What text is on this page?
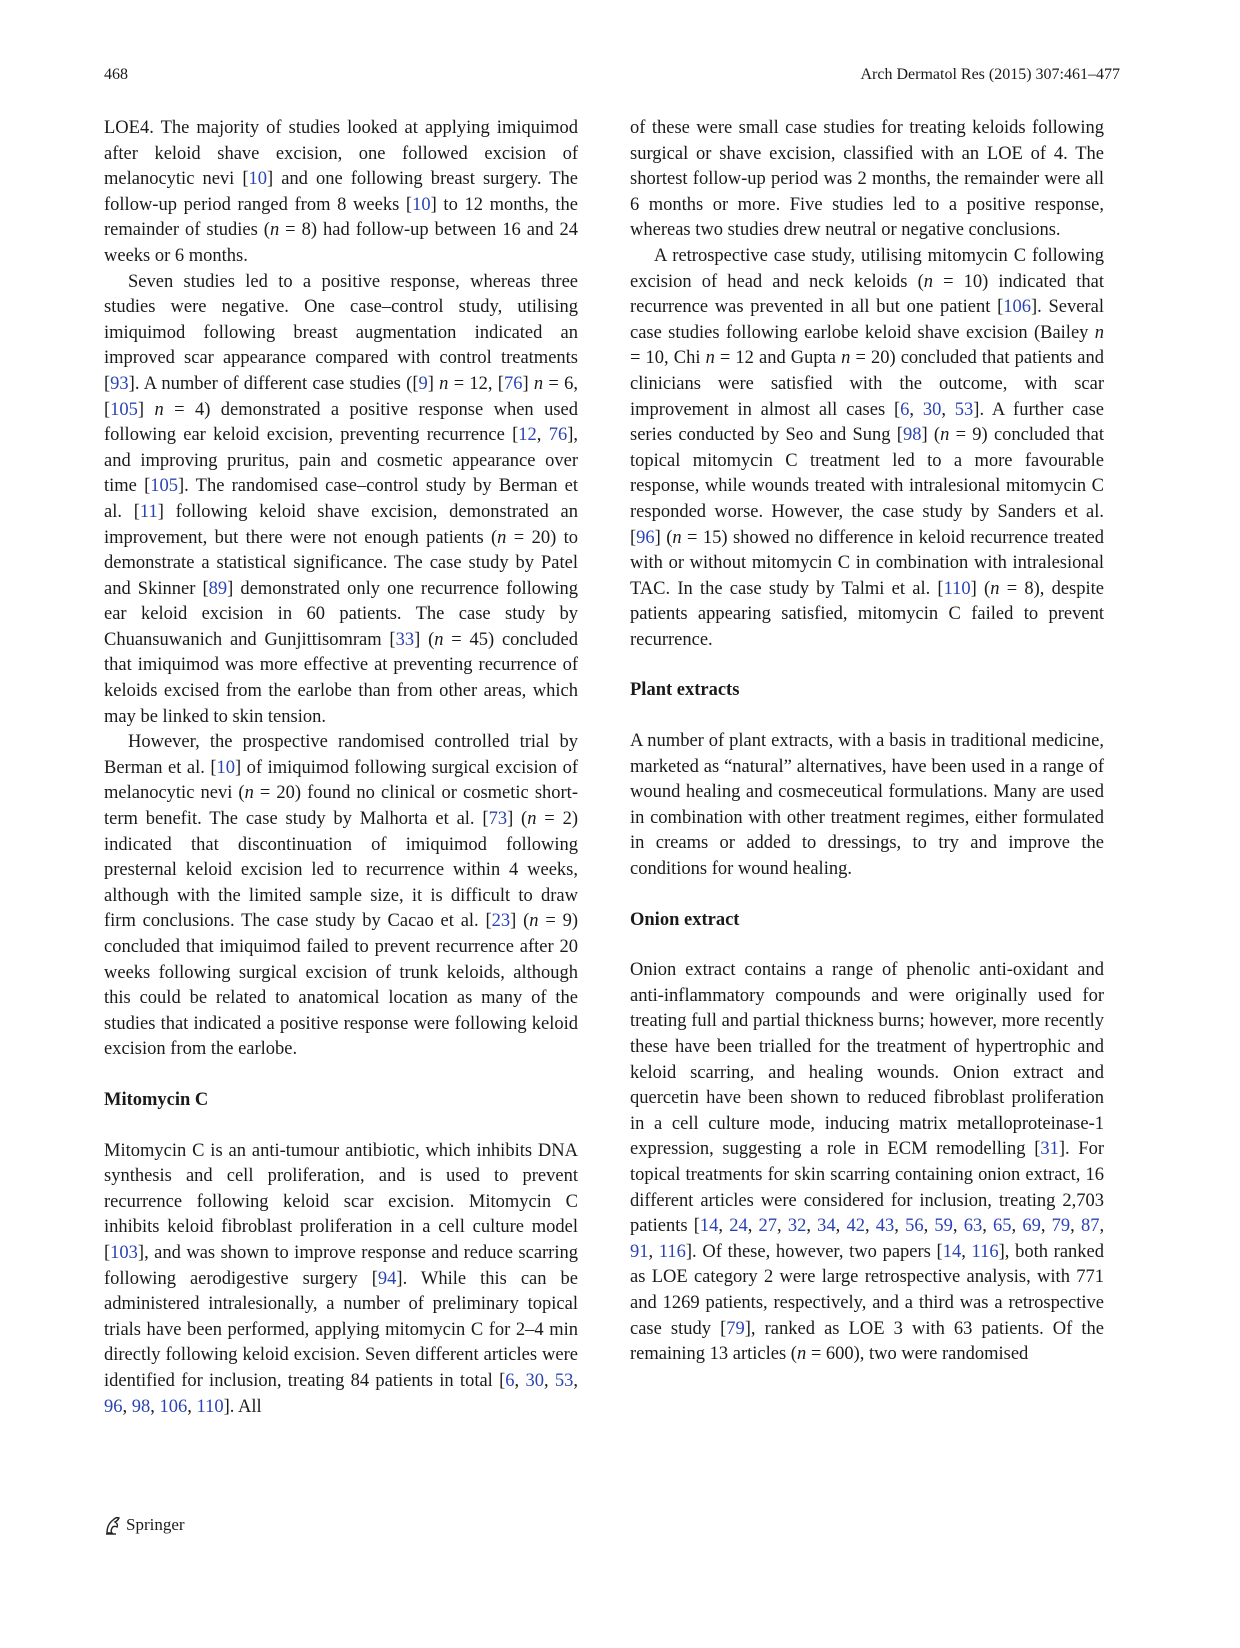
468	Arch Dermatol Res (2015) 307:461–477

LOE4. The majority of studies looked at applying imiquimod after keloid shave excision, one followed excision of melanocytic nevi [10] and one following breast surgery. The follow-up period ranged from 8 weeks [10] to 12 months, the remainder of studies (n = 8) had follow-up between 16 and 24 weeks or 6 months.

Seven studies led to a positive response, whereas three studies were negative. One case–control study, utilising imiquimod following breast augmentation indicated an improved scar appearance compared with control treatments [93]. A number of different case studies ([9] n = 12, [76] n = 6, [105] n = 4) demonstrated a positive response when used following ear keloid excision, preventing recurrence [12, 76], and improving pruritus, pain and cosmetic appearance over time [105]. The randomised case–control study by Berman et al. [11] following keloid shave excision, demonstrated an improvement, but there were not enough patients (n = 20) to demonstrate a statistical significance. The case study by Patel and Skinner [89] demonstrated only one recurrence following ear keloid excision in 60 patients. The case study by Chuansuwanich and Gunjittisomram [33] (n = 45) concluded that imiquimod was more effective at preventing recurrence of keloids excised from the earlobe than from other areas, which may be linked to skin tension.

However, the prospective randomised controlled trial by Berman et al. [10] of imiquimod following surgical excision of melanocytic nevi (n = 20) found no clinical or cosmetic short-term benefit. The case study by Malhorta et al. [73] (n = 2) indicated that discontinuation of imiquimod following presternal keloid excision led to recurrence within 4 weeks, although with the limited sample size, it is difficult to draw firm conclusions. The case study by Cacao et al. [23] (n = 9) concluded that imiquimod failed to prevent recurrence after 20 weeks following surgical excision of trunk keloids, although this could be related to anatomical location as many of the studies that indicated a positive response were following keloid excision from the earlobe.

Mitomycin C

Mitomycin C is an anti-tumour antibiotic, which inhibits DNA synthesis and cell proliferation, and is used to prevent recurrence following keloid scar excision. Mitomycin C inhibits keloid fibroblast proliferation in a cell culture model [103], and was shown to improve response and reduce scarring following aerodigestive surgery [94]. While this can be administered intralesionally, a number of preliminary topical trials have been performed, applying mitomycin C for 2–4 min directly following keloid excision. Seven different articles were identified for inclusion, treating 84 patients in total [6, 30, 53, 96, 98, 106, 110]. All

of these were small case studies for treating keloids following surgical or shave excision, classified with an LOE of 4. The shortest follow-up period was 2 months, the remainder were all 6 months or more. Five studies led to a positive response, whereas two studies drew neutral or negative conclusions.

A retrospective case study, utilising mitomycin C following excision of head and neck keloids (n = 10) indicated that recurrence was prevented in all but one patient [106]. Several case studies following earlobe keloid shave excision (Bailey n = 10, Chi n = 12 and Gupta n = 20) concluded that patients and clinicians were satisfied with the outcome, with scar improvement in almost all cases [6, 30, 53]. A further case series conducted by Seo and Sung [98] (n = 9) concluded that topical mitomycin C treatment led to a more favourable response, while wounds treated with intralesional mitomycin C responded worse. However, the case study by Sanders et al. [96] (n = 15) showed no difference in keloid recurrence treated with or without mitomycin C in combination with intralesional TAC. In the case study by Talmi et al. [110] (n = 8), despite patients appearing satisfied, mitomycin C failed to prevent recurrence.

Plant extracts

A number of plant extracts, with a basis in traditional medicine, marketed as “natural” alternatives, have been used in a range of wound healing and cosmeceutical formulations. Many are used in combination with other treatment regimes, either formulated in creams or added to dressings, to try and improve the conditions for wound healing.

Onion extract

Onion extract contains a range of phenolic anti-oxidant and anti-inflammatory compounds and were originally used for treating full and partial thickness burns; however, more recently these have been trialled for the treatment of hypertrophic and keloid scarring, and healing wounds. Onion extract and quercetin have been shown to reduced fibroblast proliferation in a cell culture mode, inducing matrix metalloproteinase-1 expression, suggesting a role in ECM remodelling [31]. For topical treatments for skin scarring containing onion extract, 16 different articles were considered for inclusion, treating 2,703 patients [14, 24, 27, 32, 34, 42, 43, 56, 59, 63, 65, 69, 79, 87, 91, 116]. Of these, however, two papers [14, 116], both ranked as LOE category 2 were large retrospective analysis, with 771 and 1269 patients, respectively, and a third was a retrospective case study [79], ranked as LOE 3 with 63 patients. Of the remaining 13 articles (n = 600), two were randomised

Springer
